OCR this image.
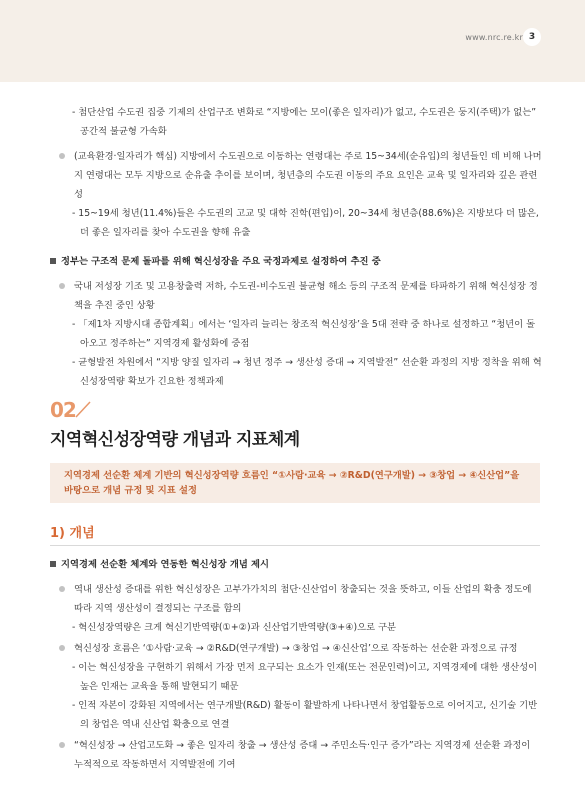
www.nrc.re.kr 3
- 첨단산업 수도권 집중 기제의 산업구조 변화로 “지방에는 모이(좋은 일자리)가 없고, 수도권은 둥지(주택)가 없는” 공간적 불균형 가속화
(교육환경·일자리가 핵심) 지방에서 수도권으로 이동하는 연령대는 주로 15~34세(순유입)의 청년들인 데 비해 나머지 연령대는 모두 지방으로 순유출 추이를 보이며, 청년층의 수도권 이동의 주요 요인은 교육 및 일자리와 깊은 관련성
- 15~19세 청년(11.4%)들은 수도권의 고교 및 대학 진학(편입)이, 20~34세 청년층(88.6%)은 지방보다 더 많은, 더 좋은 일자리를 찾아 수도권을 향해 유출
정부는 구조적 문제 돌파를 위해 혁신성장을 주요 국정과제로 설정하여 추진 중
국내 저성장 기조 및 고용창출력 저하, 수도권-비수도권 불균형 해소 등의 구조적 문제를 타파하기 위해 혁신성장 정책을 추진 중인 상황
- 「제1차 지방시대 종합계획」에서는 ‘일자리 늘리는 창조적 혁신성장’을 5대 전략 중 하나로 설정하고 “청년이 돌아오고 정주하는” 지역경제 활성화에 중점
- 균형발전 차원에서 “지방 양질 일자리 → 청년 정주 → 생산성 증대 → 지역발전” 선순환 과정의 지방 정착을 위해 혁신성장역량 확보가 긴요한 정책과제
02
지역혁신성장역량 개념과 지표체계
지역경제 선순환 체계 기반의 혁신성장역량 흐름인 “①사람·교육 → ②R&D(연구개발) → ③창업 → ④신산업”을 바탕으로 개념 규정 및 지표 설정
1) 개념
지역경제 선순환 체계와 연동한 혁신성장 개념 제시
역내 생산성 증대를 위한 혁신성장은 고부가가치의 첨단·신산업이 창출되는 것을 뜻하고, 이들 산업의 확충 정도에 따라 지역 생산성이 결정되는 구조를 함의
- 혁신성장역량은 크게 혁신기반역량(①+②)과 신산업기반역량(③+④)으로 구분
혁신성장 흐름은 ‘①사람·교육 → ②R&D(연구개발) → ③창업 → ④신산업’으로 작동하는 선순환 과정으로 규정
- 이는 혁신성장을 구현하기 위해서 가장 먼저 요구되는 요소가 인재(또는 전문인력)이고, 지역경제에 대한 생산성이 높은 인재는 교육을 통해 발현되기 때문
- 인적 자본이 강화된 지역에서는 연구개발(R&D) 활동이 활발하게 나타나면서 창업활동으로 이어지고, 신기술 기반의 창업은 역내 신산업 확충으로 연결
“혁신성장 → 산업고도화 → 좋은 일자리 창출 → 생산성 증대 → 주민소득·인구 증가”라는 지역경제 선순환 과정이 누적적으로 작동하면서 지역발전에 기여
